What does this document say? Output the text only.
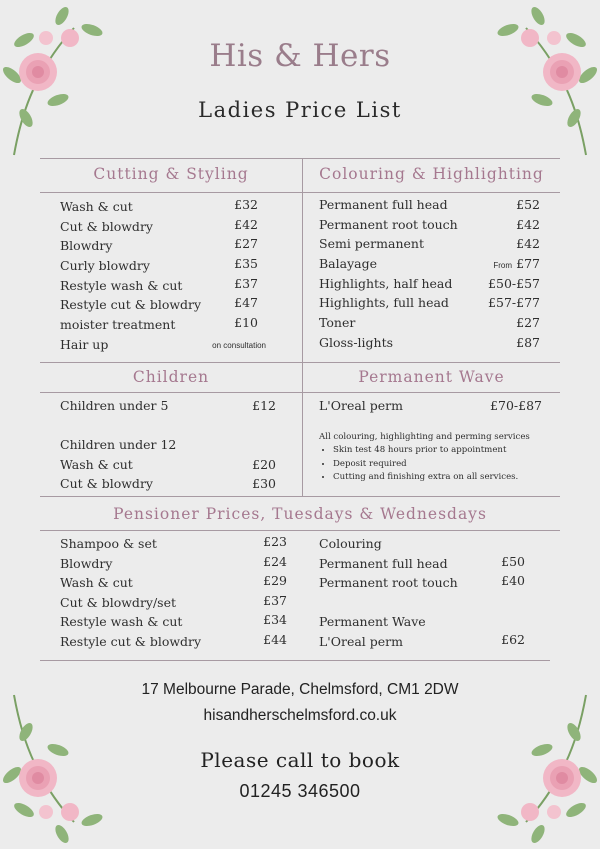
His & Hers
Ladies Price List
Cutting & Styling	Colouring & Highlighting
Children	Permanent Wave
Pensioner Prices, Tuesdays & Wednesdays
Wash & cut	£32
Cut & blowdry	£42
Blowdry	£27
Curly blowdry	£35
Restyle wash & cut	£37
Restyle cut & blowdry	£47
moister treatment	£10
Hair up	on consultation
Permanent full head	£52
Permanent root touch	£42
Semi permanent	£42
Balayage	From £77
Highlights, half head	£50-£57
Highlights, full head	£57-£77
Toner	£27
Gloss-lights	£87
Children under 5	£12
Children under 12
Wash & cut	£20
Cut & blowdry	£30
L'Oreal perm	£70-£87
All colouring, highlighting and perming services
• Skin test 48 hours prior to appointment
• Deposit required
• Cutting and finishing extra on all services.
Shampoo & set	£23
Blowdry	£24
Wash & cut	£29
Cut & blowdry/set	£37
Restyle wash & cut	£34
Restyle cut & blowdry	£44
Colouring
Permanent full head	£50
Permanent root touch	£40
Permanent Wave
L'Oreal perm	£62
17 Melbourne Parade, Chelmsford, CM1 2DW
hisandherschelmsford.co.uk
Please call to book
01245 346500
